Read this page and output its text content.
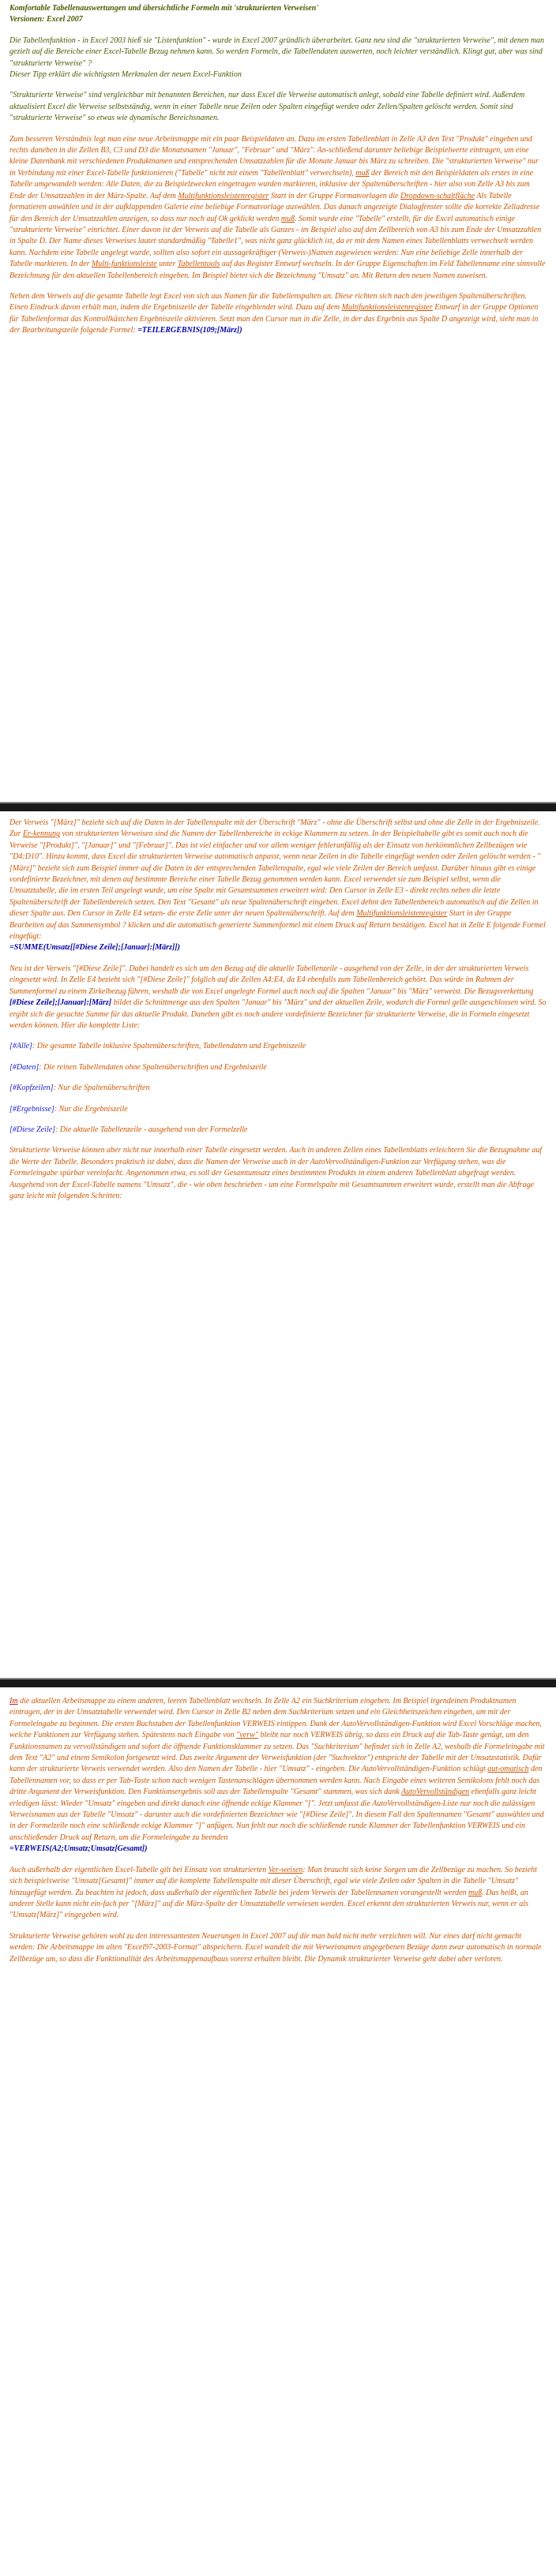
Komfortable Tabellenauswertungen und übersichtliche Formeln mit 'strukturierten Verweisen'
Versionen: Excel 2007

Die Tabellenfunktion - in Excel 2003 hieß sie "Listenfunktion" - wurde in Excel 2007 gründlich überarbeitet. Ganz neu sind die "strukturierten Verweise", mit denen man gezielt auf die Bereiche einer Excel-Tabelle Bezug nehmen kann. So werden Formeln, die Tabellendaten auswerten, noch leichter verständlich. Klingt gut, aber was sind "strukturierte Verweise" ?
Dieser Tipp erklärt die wichtigsten Merkmalen der neuen Excel-Funktion

"Strukturierte Verweise" sind vergleichbar mit benannten Bereichen, nur dass Excel die Verweise automatisch anlegt, sobald eine Tabelle definiert wird. Außerdem aktualisiert Excel die Verweise selbstständig, wenn in einer Tabelle neue Zeilen oder Spalten eingefügt werden oder Zellen/Spalten gelöscht werden. Somit sind "strukturierte Verweise" so etwas wie dynamische Bereichsnamen.

Zum besseren Verständnis legt man eine neue Arbeitsmappe mit ein paar Beispieldaten an. Dazu im ersten Tabellenblatt in Zelle A3 den Text "Produkt" eingeben und rechts daneben in die Zellen B3, C3 und D3 die Monatsnamen "Januar", "Februar" und "März". An-schließend darunter beliebige Beispielwerte eintragen, um eine kleine Datenbank mit verschiedenen Produktnamen und entsprechenden Umsatzzahlen für die Monate Januar bis März zu schreiben. Die "strukturierten Verweise" nur in Verbindung mit einer Excel-Tabelle funktionieren ("Tabelle" nicht mit einem "Tabellenblatt" verwechseln), muß der Bereich mit den Beispieldaten als erstes in eine Tabelle umgewandelt werden: Alle Daten, die zu Beispielzwecken eingetragen wurden markieren, inklusive der Spaltenüberschriften - hier also von Zelle A3 bis zum Ende der Umsatzzahlen in der März-Spalte. Auf dem Multifunktionsleistenregister Start in der Gruppe Formatvorlagen die Dropdown-schaltfläche Als Tabelle formatieren anwählen und in der aufklappenden Galerie eine beliebige Formatvorlage auswählen. Das danach angezeigte Dialogfenster sollte die korrekte Zelladresse für den Bereich der Umsatzzahlen anzeigen, so dass nur noch auf Ok geklickt werden muß. Somit wurde eine "Tabelle" erstellt, für die Excel automatisch einige "strukturierte Verweise" einrichtet. Einer davon ist der Verweis auf die Tabelle als Ganzes - im Beispiel also auf den Zellbereich von A3 bis zum Ende der Umsatzzahlen in Spalte D. Der Name dieses Verweises lautet standardmäßig "Tabelle1", was nicht ganz glücklich ist, da er mit dem Namen eines Tabellenblatts verwechselt werden kann. Nachdem eine Tabelle angelegt wurde, sollten also sofort ein aussagekräftiger (Verweis-)Namen zugewiesen werden: Nun eine beliebige Zelle innerhalb der Tabelle markieren. In der Multi-funktionsleiste unter Tabellentools auf das Register Entwurf wechseln. In der Gruppe Eigenschaften im Feld Tabellenname eine sinnvolle Bezeichnung für den aktuellen Tabellenbereich eingeben. Im Beispiel bietet sich die Bezeichnung "Umsatz" an. Mit Return den neuen Namen zuweisen.

Neben dem Verweis auf die gesamte Tabelle legt Excel von sich aus Namen für die Tabellenspalten an. Diese richten sich nach den jeweiligen Spaltenüberschriften. Einen Eindruck davon erhält man, indem die Ergebniszeile der Tabelle eingeblendet wird. Dazu auf dem Multifunktionsleistenregister Entwurf in der Gruppe Optionen für Tabellenformat das Kontrollkästchen Ergebniszeile aktivieren. Setzt man den Cursor nun in die Zelle, in der das Ergebnis aus Spalte D angezeigt wird, sieht man in der Bearbeitungszeile folgende Formel: =TEILERGEBNIS(109;[März])

Der Verweis "[März]" bezieht sich auf die Daten in der Tabellenspalte mit der Überschrift "März" - ohne die Überschrift selbst und ohne die Zelle in der Ergebniszeile. Zur Er-kennung von strukturierten Verweisen sind die Namen der Tabellenbereiche in eckige Klammern zu setzen. In der Beispieltabelle gibt es somit auch noch die Verweise "[Produkt]", "[Januar]" und "[Februar]". Das ist viel einfacher und vor allem weniger fehleranfällig als der Einsatz von herkömmlichen Zellbezügen wie "D4:D10". Hinzu kommt, dass Excel die strukturierten Verweise automatisch anpasst, wenn neue Zeilen in die Tabelle eingefügt werden oder Zeilen gelöscht werden - "[März]" bezieht sich zum Beispiel immer auf die Daten in der entsprechenden Tabellenspalte, egal wie viele Zeilen der Bereich umfasst. Darüber hinaus gibt es einige vordefinierte Bezeichner, mit denen auf bestimmte Bereiche einer Tabelle Bezug genommen werden kann. Excel verwendet sie zum Beispiel selbst, wenn die Umsatztabelle, die im ersten Teil angelegt wurde, um eine Spalte mit Gesamtsummen erweitert wird: Den Cursor in Zelle E3 - direkt rechts neben die letzte Spaltenüberschrift der Tabellenbereich setzen. Den Text "Gesamt" als neue Spaltenüberschrift eingeben. Excel dehnt den Tabellenbereich automatisch auf die Zellen in dieser Spalte aus. Den Cursor in Zelle E4 setzen- die erste Zelle unter der neuen Spaltenüberschrift. Auf dem Multifunktionsleistenregister Start in der Gruppe Bearbeiten auf das Summensymbol ? klicken und die automatisch generierte Summenformel mit einem Druck auf Return bestätigen. Excel hat in Zelle E folgende Formel eingefügt:
=SUMME(Umsatz[[#Diese Zeile];[Januar]:[März]])

Neu ist der Verweis "[#Diese Zeile]". Dabei handelt es sich um den Bezug auf die aktuelle Tabellenzeile - ausgehend von der Zelle, in der der strukturierten Verweis eingesetzt wird. In Zelle E4 bezieht sich "[#Diese Zeile]" folglich auf die Zellen A4:E4, da E4 ebenfalls zum Tabellenbereich gehört. Das würde im Rahmen der Summenformel zu einem Zirkelbezug führen, weshalb die von Excel angelegte Formel auch noch auf die Spalten "Januar" bis "März" verweist. Die Bezugsverkettung [#Diese Zeile];[Januar]:[März] bildet die Schnittmenge aus den Spalten "Januar" bis "März" und der aktuellen Zeile, wodurch die Formel gelle ausgeschlossen wird. So ergibt sich die gesuchte Summe für das aktuelle Produkt. Daneben gibt es noch andere vordefinierte Bezeichner für strukturierte Verweise, die in Formeln eingesetzt werden können. Hier die komplette Liste:

[#Alle]: Die gesamte Tabelle inklusive Spaltenüberschriften, Tabellendaten und Ergebniszeile

[#Daten]: Die reinen Tabellendaten ohne Spaltenüberschriften und Ergebniszeile

[#Kopfzeilen]: Nur die Spaltenüberschriften

[#Ergebnisse]: Nur die Ergebniszeile

[#Diese Zeile]: Die aktuelle Tabellenzeile - ausgehend von der Formelzelle

Strukturierte Verweise können aber nicht nur innerhalb einer Tabelle eingesetzt werden. Auch in anderen Zellen eines Tabellenblatts erleichtern Sie die Bezugnahme auf die Werte der Tabelle. Besonders praktisch ist dabei, dass die Namen der Verweise auch in der AutoVervollständigen-Funktion zur Verfügung stehen, was die Formeleingabe spürbar vereinfacht. Angenommen etwa, es soll der Gesamtumsatz eines bestimmten Produkts in einem anderen Tabellenblatt abgefragt werden. Ausgehend von der Excel-Tabelle namens "Umsatz", die - wie oben beschrieben - um eine Formelspalte mit Gesamtsummen erweitert wurde, erstellt man die Abfrage ganz leicht mit folgenden Schritten:

Im die aktuellen Arbeitsmappe zu einem anderen, leeren Tabellenblatt wechseln. In Zelle A2 ein Suchkriterium eingeben. Im Beispiel irgendeinen Produktnamen eintragen, der in der Umsatztabelle verwendet wird. Den Cursor in Zelle B2 neben dem Suchkriterium setzen und ein Gleichheitszeichen eingeben, um mit der Formeleingabe zu beginnen. Die ersten Buchstaben der Tabellenfunktion VERWEIS eintippen. Dank der AutoVervollständigen-Funktion wird Excel Vorschläge machen, welche Funktionen zur Verfügung stehen. Spätestens nach Eingabe von "verw" bleibt nur noch VERWEIS übrig, so dass ein Druck auf die Tab-Taste genügt, um den Funktionsnamen zu vervollständigen und sofort die öffnende Funktionsklammer zu setzen. Das "Suchkriterium" befindet sich in Zelle A2, weshalb die Formeleingabe mit dem Text "A2" und einem Semikolon fortgesetzt wird. Das zweite Argument der Verweisfunktion (der "Suchvektor") entspricht der Tabelle mit der Umsatzstatistik. Dafür kann der strukturierte Verweis verwendet werden. Also den Namen der Tabelle - hier "Umsatz" - eingeben. Die AutoVervollständigen-Funktion schlägt aut-omatisch den Tabellennamen vor, so dass er per Tab-Taste schon nach wenigen Tastenanschlägen übernommen werden kann. Nach Eingabe eines weiteren Semikolons fehlt noch das dritte Argument der Verweisfunktion. Den Funktionsergebnis soll aus der Tabellenspalte "Gesamt" stammen, was sich dank AutoVervollständigen ebenfalls ganz leicht erledigen lässt: Wieder "Umsatz" eingeben und direkt danach eine öffnende eckige Klammer "[". Jetzt umfasst die AutoVervollständigen-Liste nur noch die zulässigen Verweisnamen aus der Tabelle "Umsatz" - darunter auch die vordefinierten Bezeichner wie "[#Diese Zeile]". In diesem Fall den Spaltennamen "Gesamt" auswählen und in der Formelzeile noch eine schließende eckige Klammer "]" anfügen. Nun fehlt nur noch die schließende runde Klammer der Tabellenfunktion VERWEIS und ein anschließender Druck auf Return, um die Formeleingabe zu beenden
=VERWEIS(A2;Umsatz;Umsatz[Gesamt])

Auch außerhalb der eigentlichen Excel-Tabelle gilt bei Einsatz von strukturierten Ver-weisen: Man braucht sich keine Sorgen um die Zellbezüge zu machen. So bezieht sich beispielsweise "Umsatz[Gesamt]" immer auf die komplette Tabellenspalte mit dieser Überschrift, egal wie viele Zeilen oder Spalten in die Tabelle "Umsatz" hinzugefügt werden. Zu beachten ist jedoch, dass außerhalb der eigentlichen Tabelle bei jedem Verweis der Tabellennamen vorangestellt werden muß. Das heißt, an anderer Stelle kann nicht ein-fach per "[März]" auf die März-Spalte der Umsatztabelle verwiesen werden. Excel erkennt den strukturierten Verweis nur, wenn er als "Umsatz[März]" eingegeben wird.

Strukturierte Verweise gehören wohl zu den interessantesten Neuerungen in Excel 2007 auf die man bald nicht mehr verzichten will. Nur eines darf nicht gemacht werden: Die Arbeitsmappe im alten "Excel97-2003-Format" abspeichern. Excel wandelt die mit Verweisnamen angegebenen Bezüge dann zwar automatisch in normale Zellbezüge um, so dass die Funktionalität des Arbeitsmappenaufbaus vorerst erhalten bleibt. Die Dynamik strukturierter Verweise geht dabei aber verloren.
